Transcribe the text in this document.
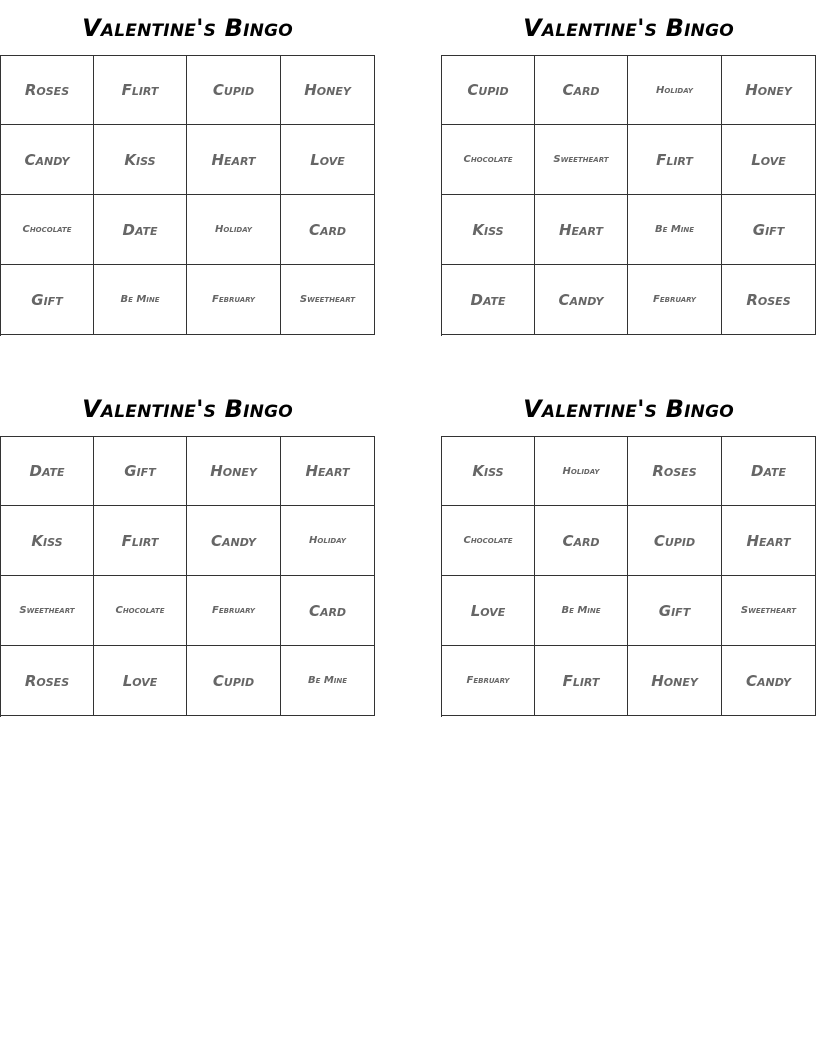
Valentine's Bingo
Roses	Flirt	Cupid	Honey
Candy	Kiss	Heart	Love
Chocolate	Date	Holiday	Card
Gift	Be Mine	February	Sweetheart
Valentine's Bingo
Cupid	Card	Holiday	Honey
Chocolate	Sweetheart	Flirt	Love
Kiss	Heart	Be Mine	Gift
Date	Candy	February	Roses
Valentine's Bingo
Date	Gift	Honey	Heart
Kiss	Flirt	Candy	Holiday
Sweetheart	Chocolate	February	Card
Roses	Love	Cupid	Be Mine
Valentine's Bingo
Kiss	Holiday	Roses	Date
Chocolate	Card	Cupid	Heart
Love	Be Mine	Gift	Sweetheart
February	Flirt	Honey	Candy
